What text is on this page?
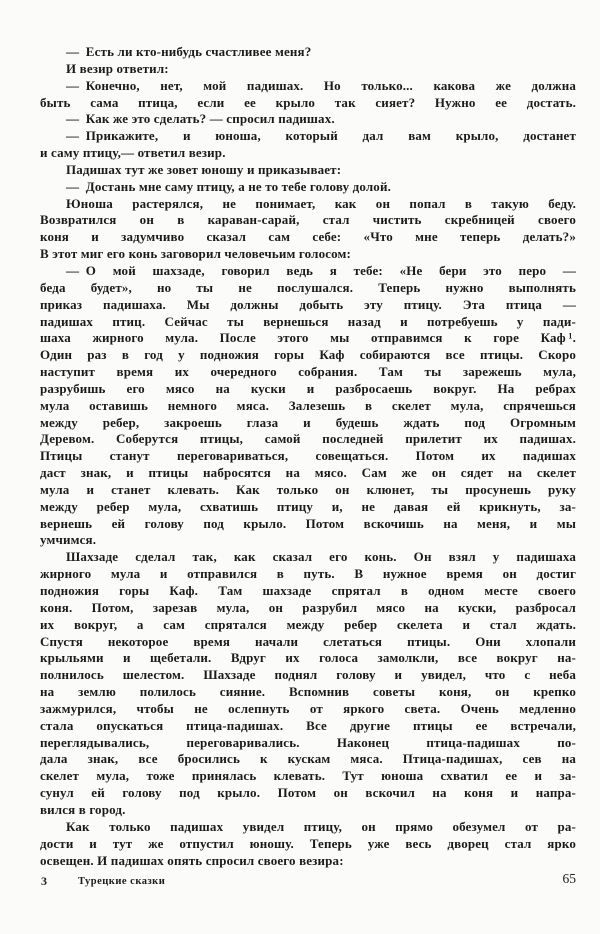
— Есть ли кто-нибудь счастливее меня?
И везир ответил:
— Конечно, нет, мой падишах. Но только... какова же должна
быть сама птица, если ее крыло так сияет? Нужно ее достать.
— Как же это сделать? — спросил падишах.
— Прикажите, и юноша, который дал вам крыло, достанет
и саму птицу,— ответил везир.
Падишах тут же зовет юношу и приказывает:
— Достань мне саму птицу, а не то тебе голову долой.
Юноша растерялся, не понимает, как он попал в такую беду.
Возвратился он в караван-сарай, стал чистить скребницей своего
коня и задумчиво сказал сам себе: «Что мне теперь делать?»
В этот миг его конь заговорил человечьим голосом:
— О мой шахзаде, говорил ведь я тебе: «Не бери это перо —
беда будет», но ты не послушался. Теперь нужно выполнять
приказ падишаха. Мы должны добыть эту птицу. Эта птица —
падишах птиц. Сейчас ты вернешься назад и потребуешь у пади-
шаха жирного мула. После этого мы отправимся к горе Каф ¹.
Один раз в год у подножия горы Каф собираются все птицы. Скоро
наступит время их очередного собрания. Там ты зарежешь мула,
разрубишь его мясо на куски и разбросаешь вокруг. На ребрах
мула оставишь немного мяса. Залезешь в скелет мула, спрячешься
между ребер, закроешь глаза и будешь ждать под Огромным
Деревом. Соберутся птицы, самой последней прилетит их падишах.
Птицы станут переговариваться, совещаться. Потом их падишах
даст знак, и птицы набросятся на мясо. Сам же он сядет на скелет
мула и станет клевать. Как только он клюнет, ты просунешь руку
между ребер мула, схватишь птицу и, не давая ей крикнуть, за-
вернешь ей голову под крыло. Потом вскочишь на меня, и мы
умчимся.
Шахзаде сделал так, как сказал его конь. Он взял у падишаха
жирного мула и отправился в путь. В нужное время он достиг
подножия горы Каф. Там шахзаде спрятал в одном месте своего
коня. Потом, зарезав мула, он разрубил мясо на куски, разбросал
их вокруг, а сам спрятался между ребер скелета и стал ждать.
Спустя некоторое время начали слетаться птицы. Они хлопали
крыльями и щебетали. Вдруг их голоса замолкли, все вокруг на-
полнилось шелестом. Шахзаде поднял голову и увидел, что с неба
на землю полилось сияние. Вспомнив советы коня, он крепко
зажмурился, чтобы не ослепнуть от яркого света. Очень медленно
стала опускаться птица-падишах. Все другие птицы ее встречали,
переглядывались, переговаривались. Наконец птица-падишах по-
дала знак, все бросились к кускам мяса. Птица-падишах, сев на
скелет мула, тоже принялась клевать. Тут юноша схватил ее и за-
сунул ей голову под крыло. Потом он вскочил на коня и напра-
вился в город.
Как только падишах увидел птицу, он прямо обезумел от ра-
дости и тут же отпустил юношу. Теперь уже весь дворец стал ярко
освещен. И падишах опять спросил своего везира:
3	Турецкие сказки	65
